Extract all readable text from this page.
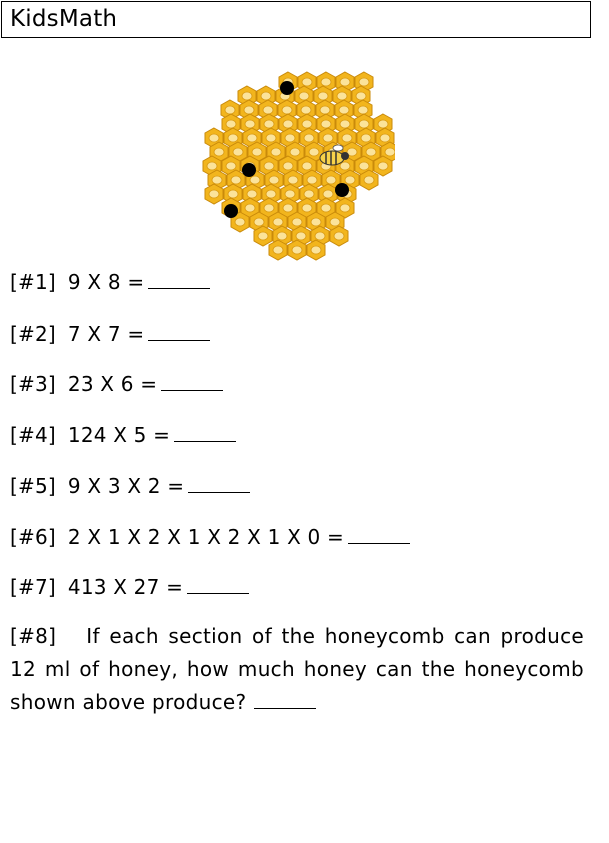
KidsMath
[#1] 9 X 8 =
[#2] 7 X 7 =
[#3] 23 X 6 =
[#4] 124 X 5 =
[#5] 9 X 3 X 2 =
[#6] 2 X 1 X 2 X 1 X 2 X 1 X 0 =
[#7] 413 X 27 =
[#8] If each section of the honeycomb can produce 12 ml of honey, how much honey can the honeycomb shown above produce?
